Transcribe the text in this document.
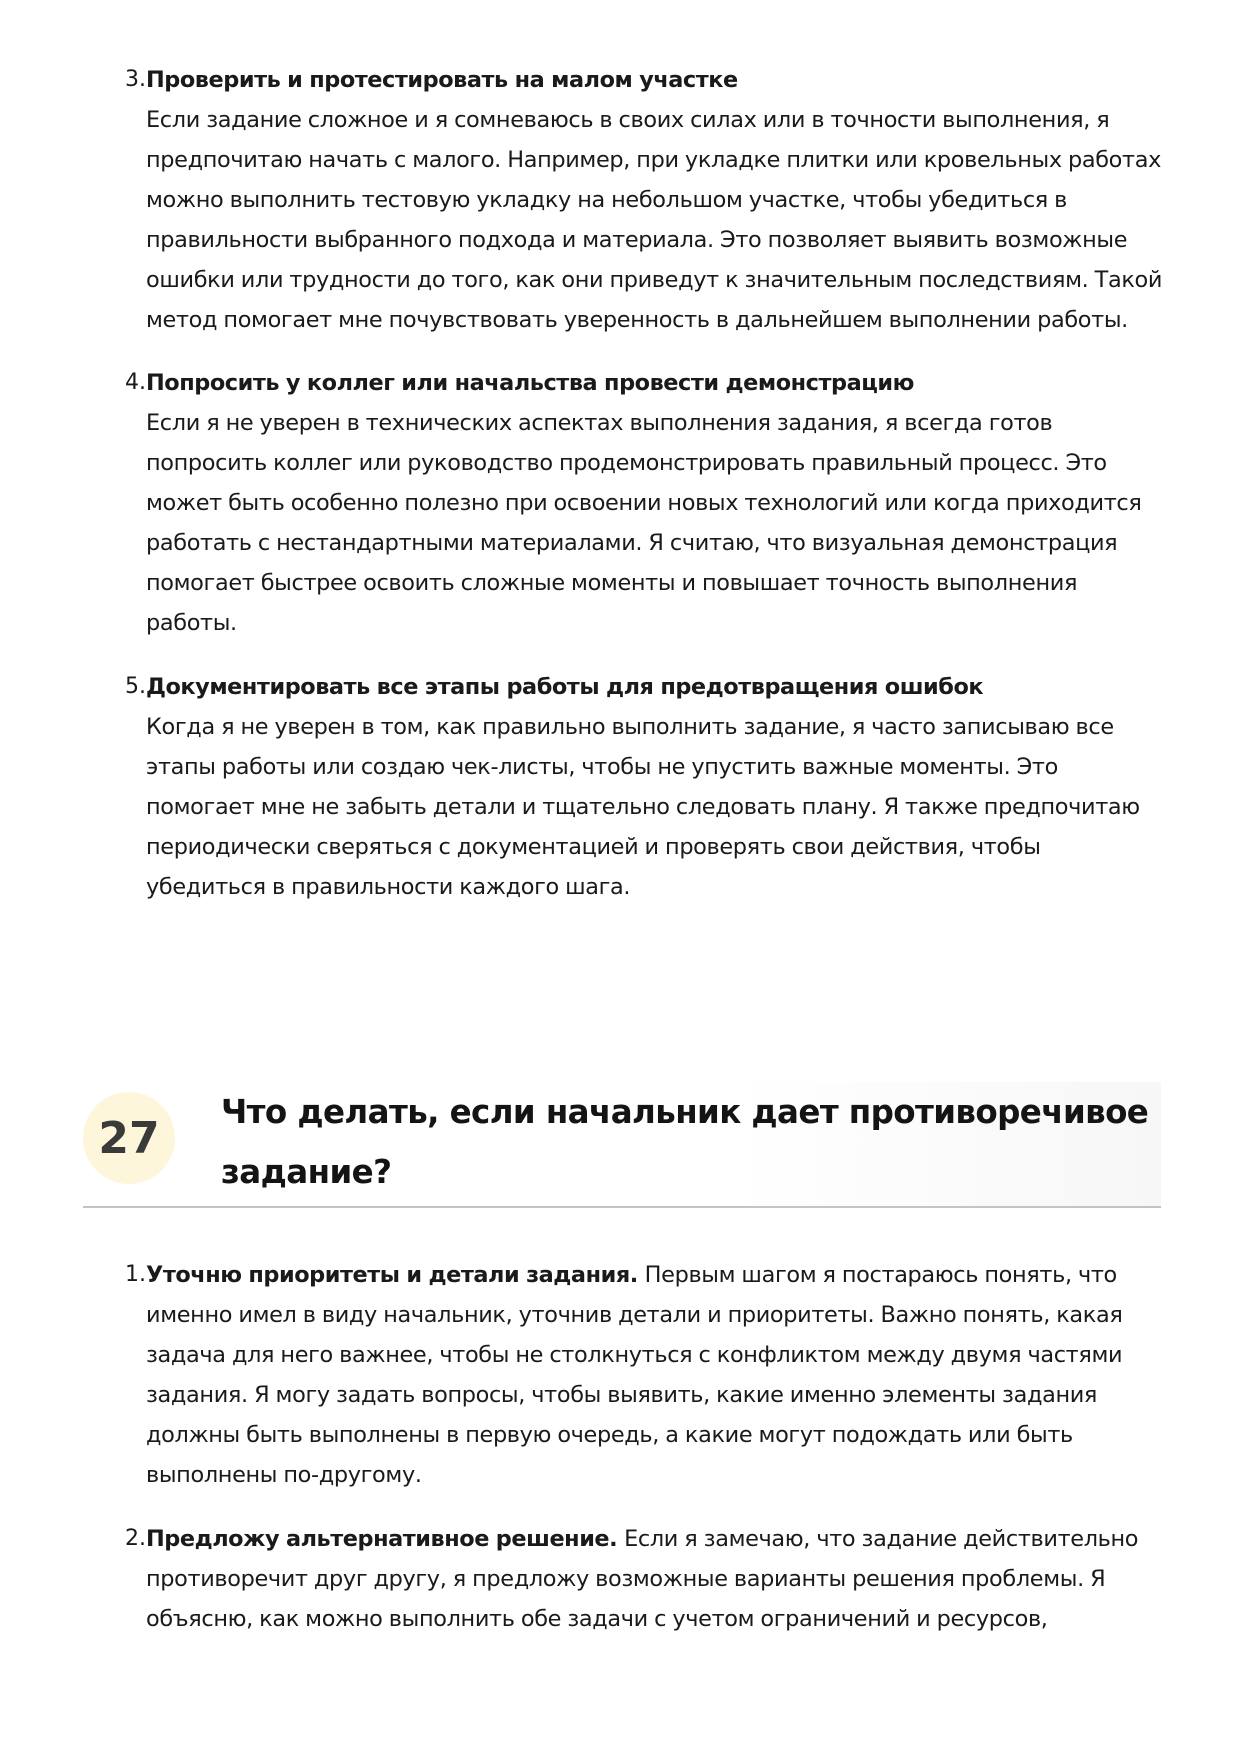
3. Проверить и протестировать на малом участке
Если задание сложное и я сомневаюсь в своих силах или в точности выполнения, я предпочитаю начать с малого. Например, при укладке плитки или кровельных работах можно выполнить тестовую укладку на небольшом участке, чтобы убедиться в правильности выбранного подхода и материала. Это позволяет выявить возможные ошибки или трудности до того, как они приведут к значительным последствиям. Такой метод помогает мне почувствовать уверенность в дальнейшем выполнении работы.
4. Попросить у коллег или начальства провести демонстрацию
Если я не уверен в технических аспектах выполнения задания, я всегда готов попросить коллег или руководство продемонстрировать правильный процесс. Это может быть особенно полезно при освоении новых технологий или когда приходится работать с нестандартными материалами. Я считаю, что визуальная демонстрация помогает быстрее освоить сложные моменты и повышает точность выполнения работы.
5. Документировать все этапы работы для предотвращения ошибок
Когда я не уверен в том, как правильно выполнить задание, я часто записываю все этапы работы или создаю чек-листы, чтобы не упустить важные моменты. Это помогает мне не забыть детали и тщательно следовать плану. Я также предпочитаю периодически сверяться с документацией и проверять свои действия, чтобы убедиться в правильности каждого шага.
27
Что делать, если начальник дает противоречивое задание?
1. Уточню приоритеты и детали задания. Первым шагом я постараюсь понять, что именно имел в виду начальник, уточнив детали и приоритеты. Важно понять, какая задача для него важнее, чтобы не столкнуться с конфликтом между двумя частями задания. Я могу задать вопросы, чтобы выявить, какие именно элементы задания должны быть выполнены в первую очередь, а какие могут подождать или быть выполнены по-другому.
2. Предложу альтернативное решение. Если я замечаю, что задание действительно противоречит друг другу, я предложу возможные варианты решения проблемы. Я объясню, как можно выполнить обе задачи с учетом ограничений и ресурсов,
